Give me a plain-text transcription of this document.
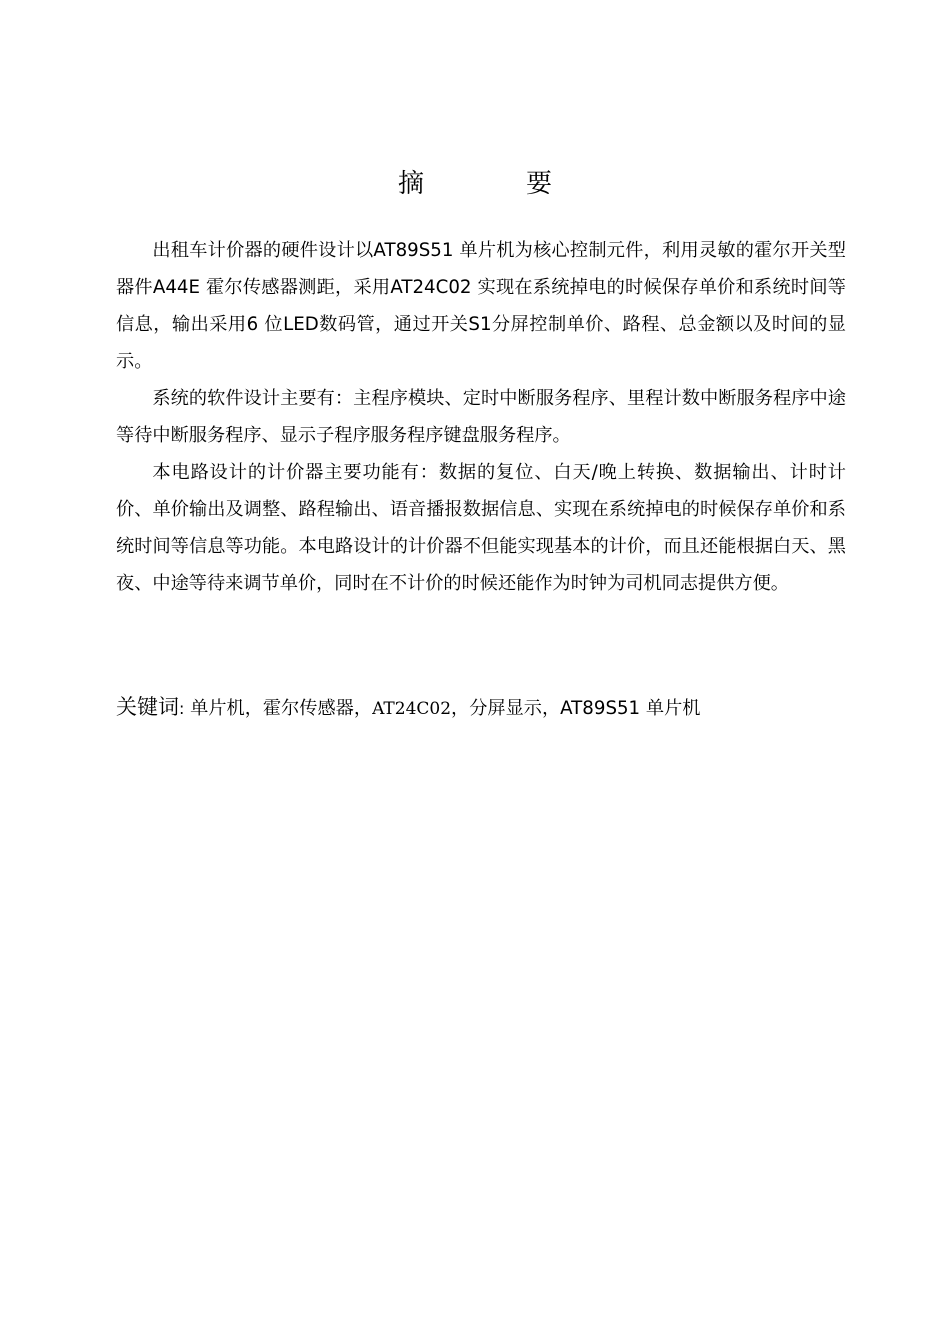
摘　要

出租车计价器的硬件设计以AT89S51 单片机为核心控制元件，利用灵敏的霍尔开关型器件A44E 霍尔传感器测距，采用AT24C02 实现在系统掉电的时候保存单价和系统时间等信息，输出采用6 位LED数码管，通过开关S1分屏控制单价、路程、总金额以及时间的显示。

系统的软件设计主要有：主程序模块、定时中断服务程序、里程计数中断服务程序中途等待中断服务程序、显示子程序服务程序键盘服务程序。

本电路设计的计价器主要功能有：数据的复位、白天/晚上转换、数据输出、计时计价、单价输出及调整、路程输出、语音播报数据信息、实现在系统掉电的时候保存单价和系统时间等信息等功能。本电路设计的计价器不但能实现基本的计价，而且还能根据白天、黑夜、中途等待来调节单价，同时在不计价的时候还能作为时钟为司机同志提供方便。

关键词: 单片机，霍尔传感器，AT24C02，分屏显示，AT89S51 单片机
